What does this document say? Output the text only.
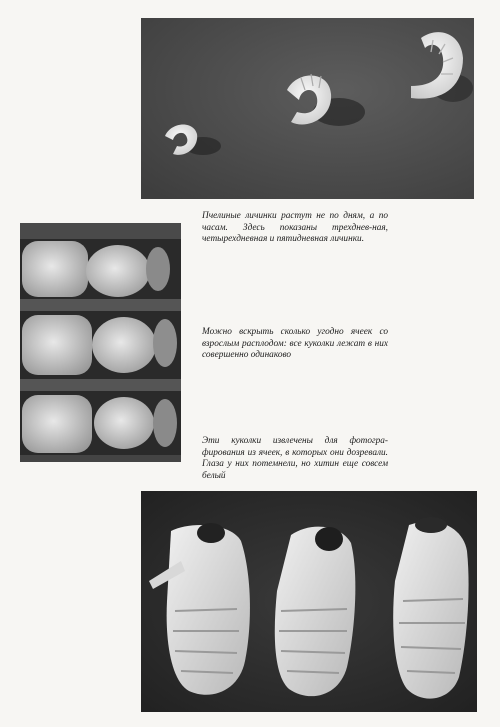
Пчелиные личинки растут не по дням, а по часам. Здесь показаны трехднев-ная, четырехдневная и пятидневная личинки.

Можно вскрыть сколько угодно ячеек со взрослым расплодом: все куколки лежат в них совершенно одинаково

Эти куколки извлечены для фотогра-фирования из ячеек, в которых они дозревали. Глаза у них потемнели, но хитин еще совсем белый
